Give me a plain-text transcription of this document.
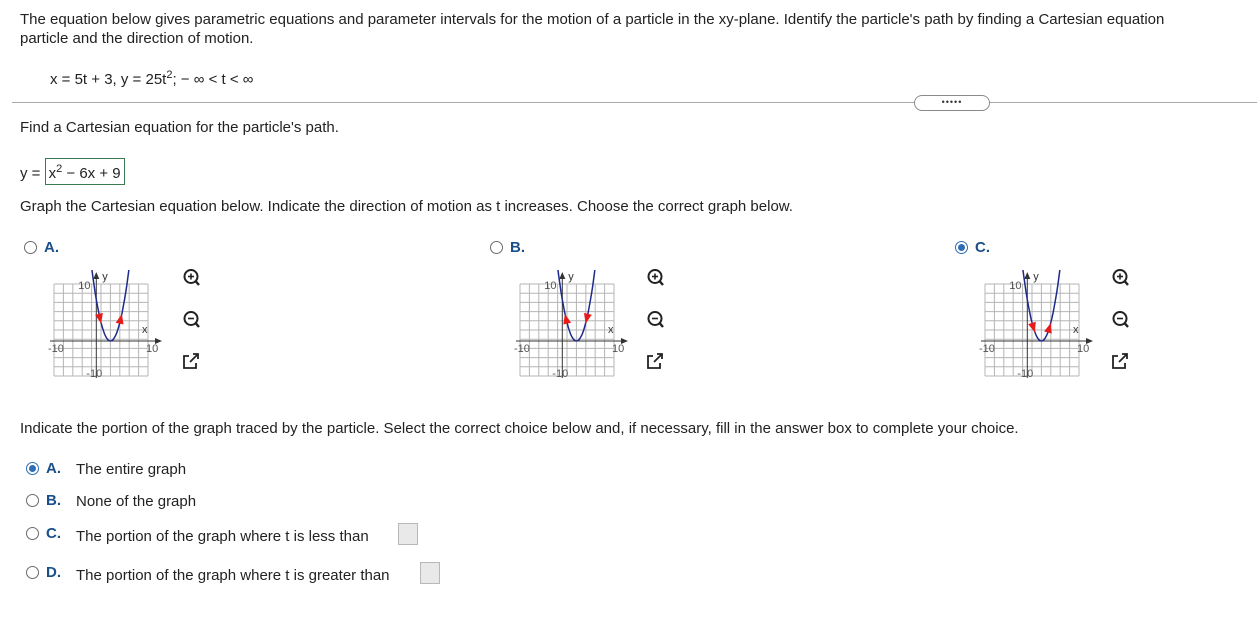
The equation below gives parametric equations and parameter intervals for the motion of a particle in the xy-plane. Identify the particle's path by finding a Cartesian equation
particle and the direction of motion.
x = 5t + 3, $y = 25t^2$; − ∞ < t < ∞
•••••
Find a Cartesian equation for the particle's path.
$y = x^2 - 6x + 9$
Graph the Cartesian equation below. Indicate the direction of motion as t increases. Choose the correct graph below.
A.
y
x
10
-10
-10	10
B.
y
x
10
-10
-10	10
C.
y
x
10
-10
-10	10
Indicate the portion of the graph traced by the particle. Select the correct choice below and, if necessary, fill in the answer box to complete your choice.
A. The entire graph
B. None of the graph
C. The portion of the graph where t is less than
D. The portion of the graph where t is greater than
